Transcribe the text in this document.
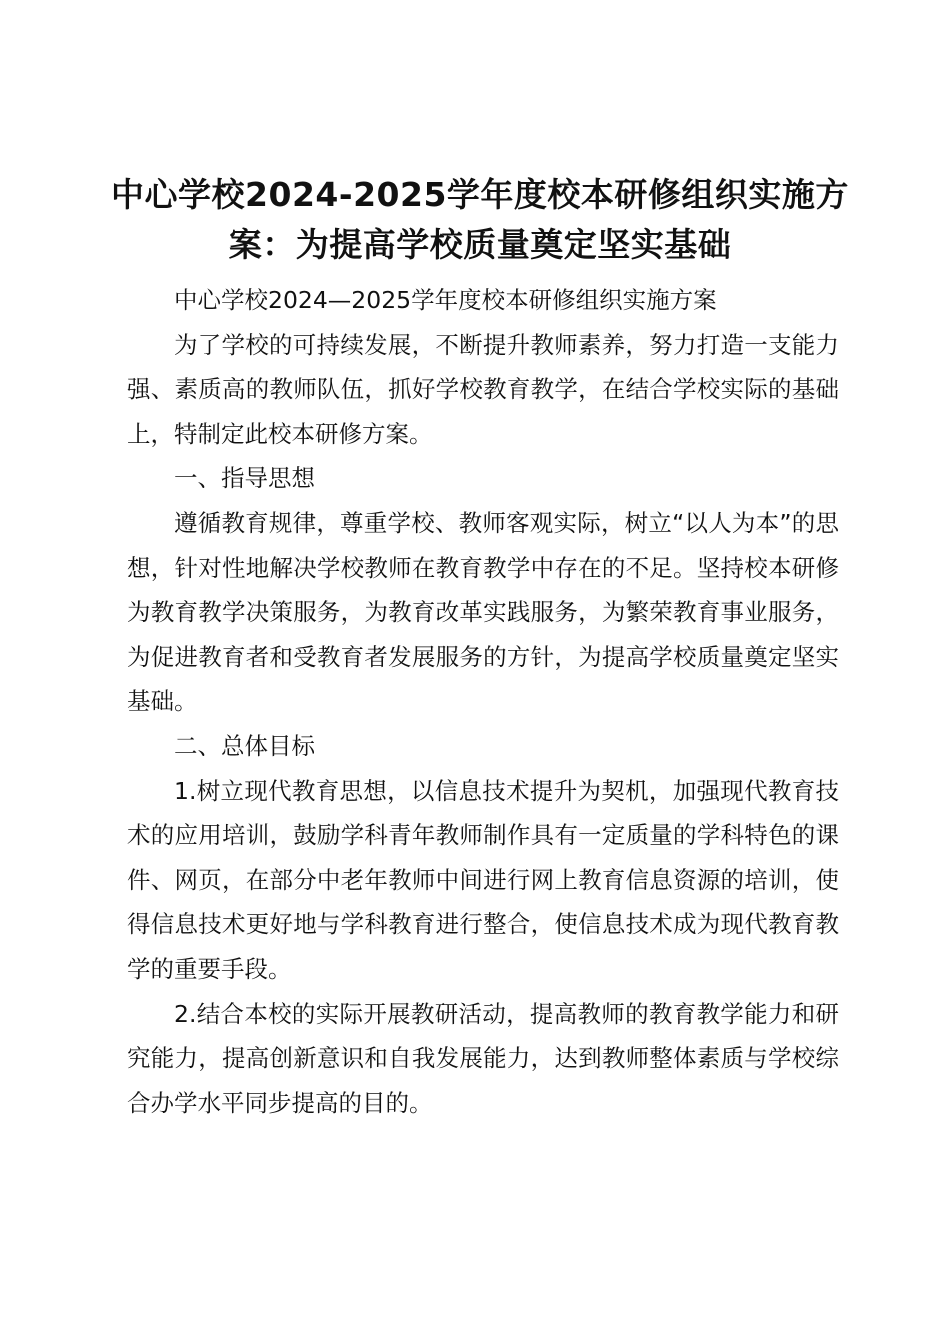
中心学校2024-2025学年度校本研修组织实施方案：为提高学校质量奠定坚实基础

中心学校2024—2025学年度校本研修组织实施方案

为了学校的可持续发展，不断提升教师素养，努力打造一支能力强、素质高的教师队伍，抓好学校教育教学，在结合学校实际的基础上，特制定此校本研修方案。

一、指导思想

遵循教育规律，尊重学校、教师客观实际，树立“以人为本”的思想，针对性地解决学校教师在教育教学中存在的不足。坚持校本研修为教育教学决策服务，为教育改革实践服务，为繁荣教育事业服务，为促进教育者和受教育者发展服务的方针，为提高学校质量奠定坚实基础。

二、总体目标

1.树立现代教育思想，以信息技术提升为契机，加强现代教育技术的应用培训，鼓励学科青年教师制作具有一定质量的学科特色的课件、网页，在部分中老年教师中间进行网上教育信息资源的培训，使得信息技术更好地与学科教育进行整合，使信息技术成为现代教育教学的重要手段。

2.结合本校的实际开展教研活动，提高教师的教育教学能力和研究能力，提高创新意识和自我发展能力，达到教师整体素质与学校综合办学水平同步提高的目的。
